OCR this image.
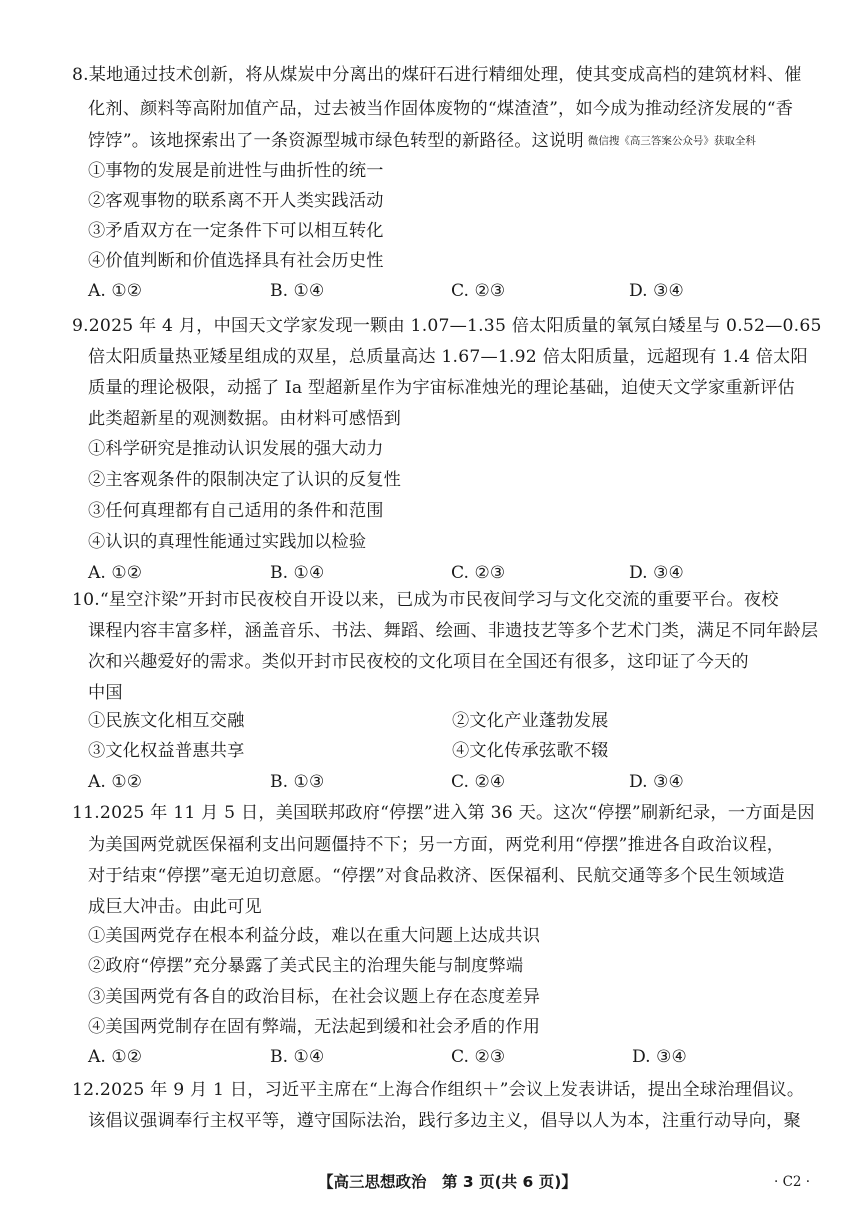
8.某地通过技术创新，将从煤炭中分离出的煤矸石进行精细处理，使其变成高档的建筑材料、催
化剂、颜料等高附加值产品，过去被当作固体废物的“煤渣渣”，如今成为推动经济发展的“香
饽饽”。该地探索出了一条资源型城市绿色转型的新路径。这说明 微信搜《高三答案公众号》获取全科
①事物的发展是前进性与曲折性的统一
②客观事物的联系离不开人类实践活动
③矛盾双方在一定条件下可以相互转化
④价值判断和价值选择具有社会历史性
A. ①②	B. ①④	C. ②③	D. ③④
9.2025 年 4 月，中国天文学家发现一颗由 1.07—1.35 倍太阳质量的氧氖白矮星与 0.52—0.65
倍太阳质量热亚矮星组成的双星，总质量高达 1.67—1.92 倍太阳质量，远超现有 1.4 倍太阳
质量的理论极限，动摇了 Ia 型超新星作为宇宙标准烛光的理论基础，迫使天文学家重新评估
此类超新星的观测数据。由材料可感悟到
①科学研究是推动认识发展的强大动力
②主客观条件的限制决定了认识的反复性
③任何真理都有自己适用的条件和范围
④认识的真理性能通过实践加以检验
A. ①②	B. ①④	C. ②③	D. ③④
10.“星空汴梁”开封市民夜校自开设以来，已成为市民夜间学习与文化交流的重要平台。夜校
课程内容丰富多样，涵盖音乐、书法、舞蹈、绘画、非遗技艺等多个艺术门类，满足不同年龄层
次和兴趣爱好的需求。类似开封市民夜校的文化项目在全国还有很多，这印证了今天的
中国
①民族文化相互交融	②文化产业蓬勃发展
③文化权益普惠共享	④文化传承弦歌不辍
A. ①②	B. ①③	C. ②④	D. ③④
11.2025 年 11 月 5 日，美国联邦政府“停摆”进入第 36 天。这次“停摆”刷新纪录，一方面是因
为美国两党就医保福利支出问题僵持不下；另一方面，两党利用“停摆”推进各自政治议程，
对于结束“停摆”毫无迫切意愿。“停摆”对食品救济、医保福利、民航交通等多个民生领域造
成巨大冲击。由此可见
①美国两党存在根本利益分歧，难以在重大问题上达成共识
②政府“停摆”充分暴露了美式民主的治理失能与制度弊端
③美国两党有各自的政治目标，在社会议题上存在态度差异
④美国两党制存在固有弊端，无法起到缓和社会矛盾的作用
A. ①②	B. ①④	C. ②③	D. ③④
12.2025 年 9 月 1 日，习近平主席在“上海合作组织＋”会议上发表讲话，提出全球治理倡议。
该倡议强调奉行主权平等，遵守国际法治，践行多边主义，倡导以人为本，注重行动导向，聚
【高三思想政治　第 3 页(共 6 页)】	· C2 ·
